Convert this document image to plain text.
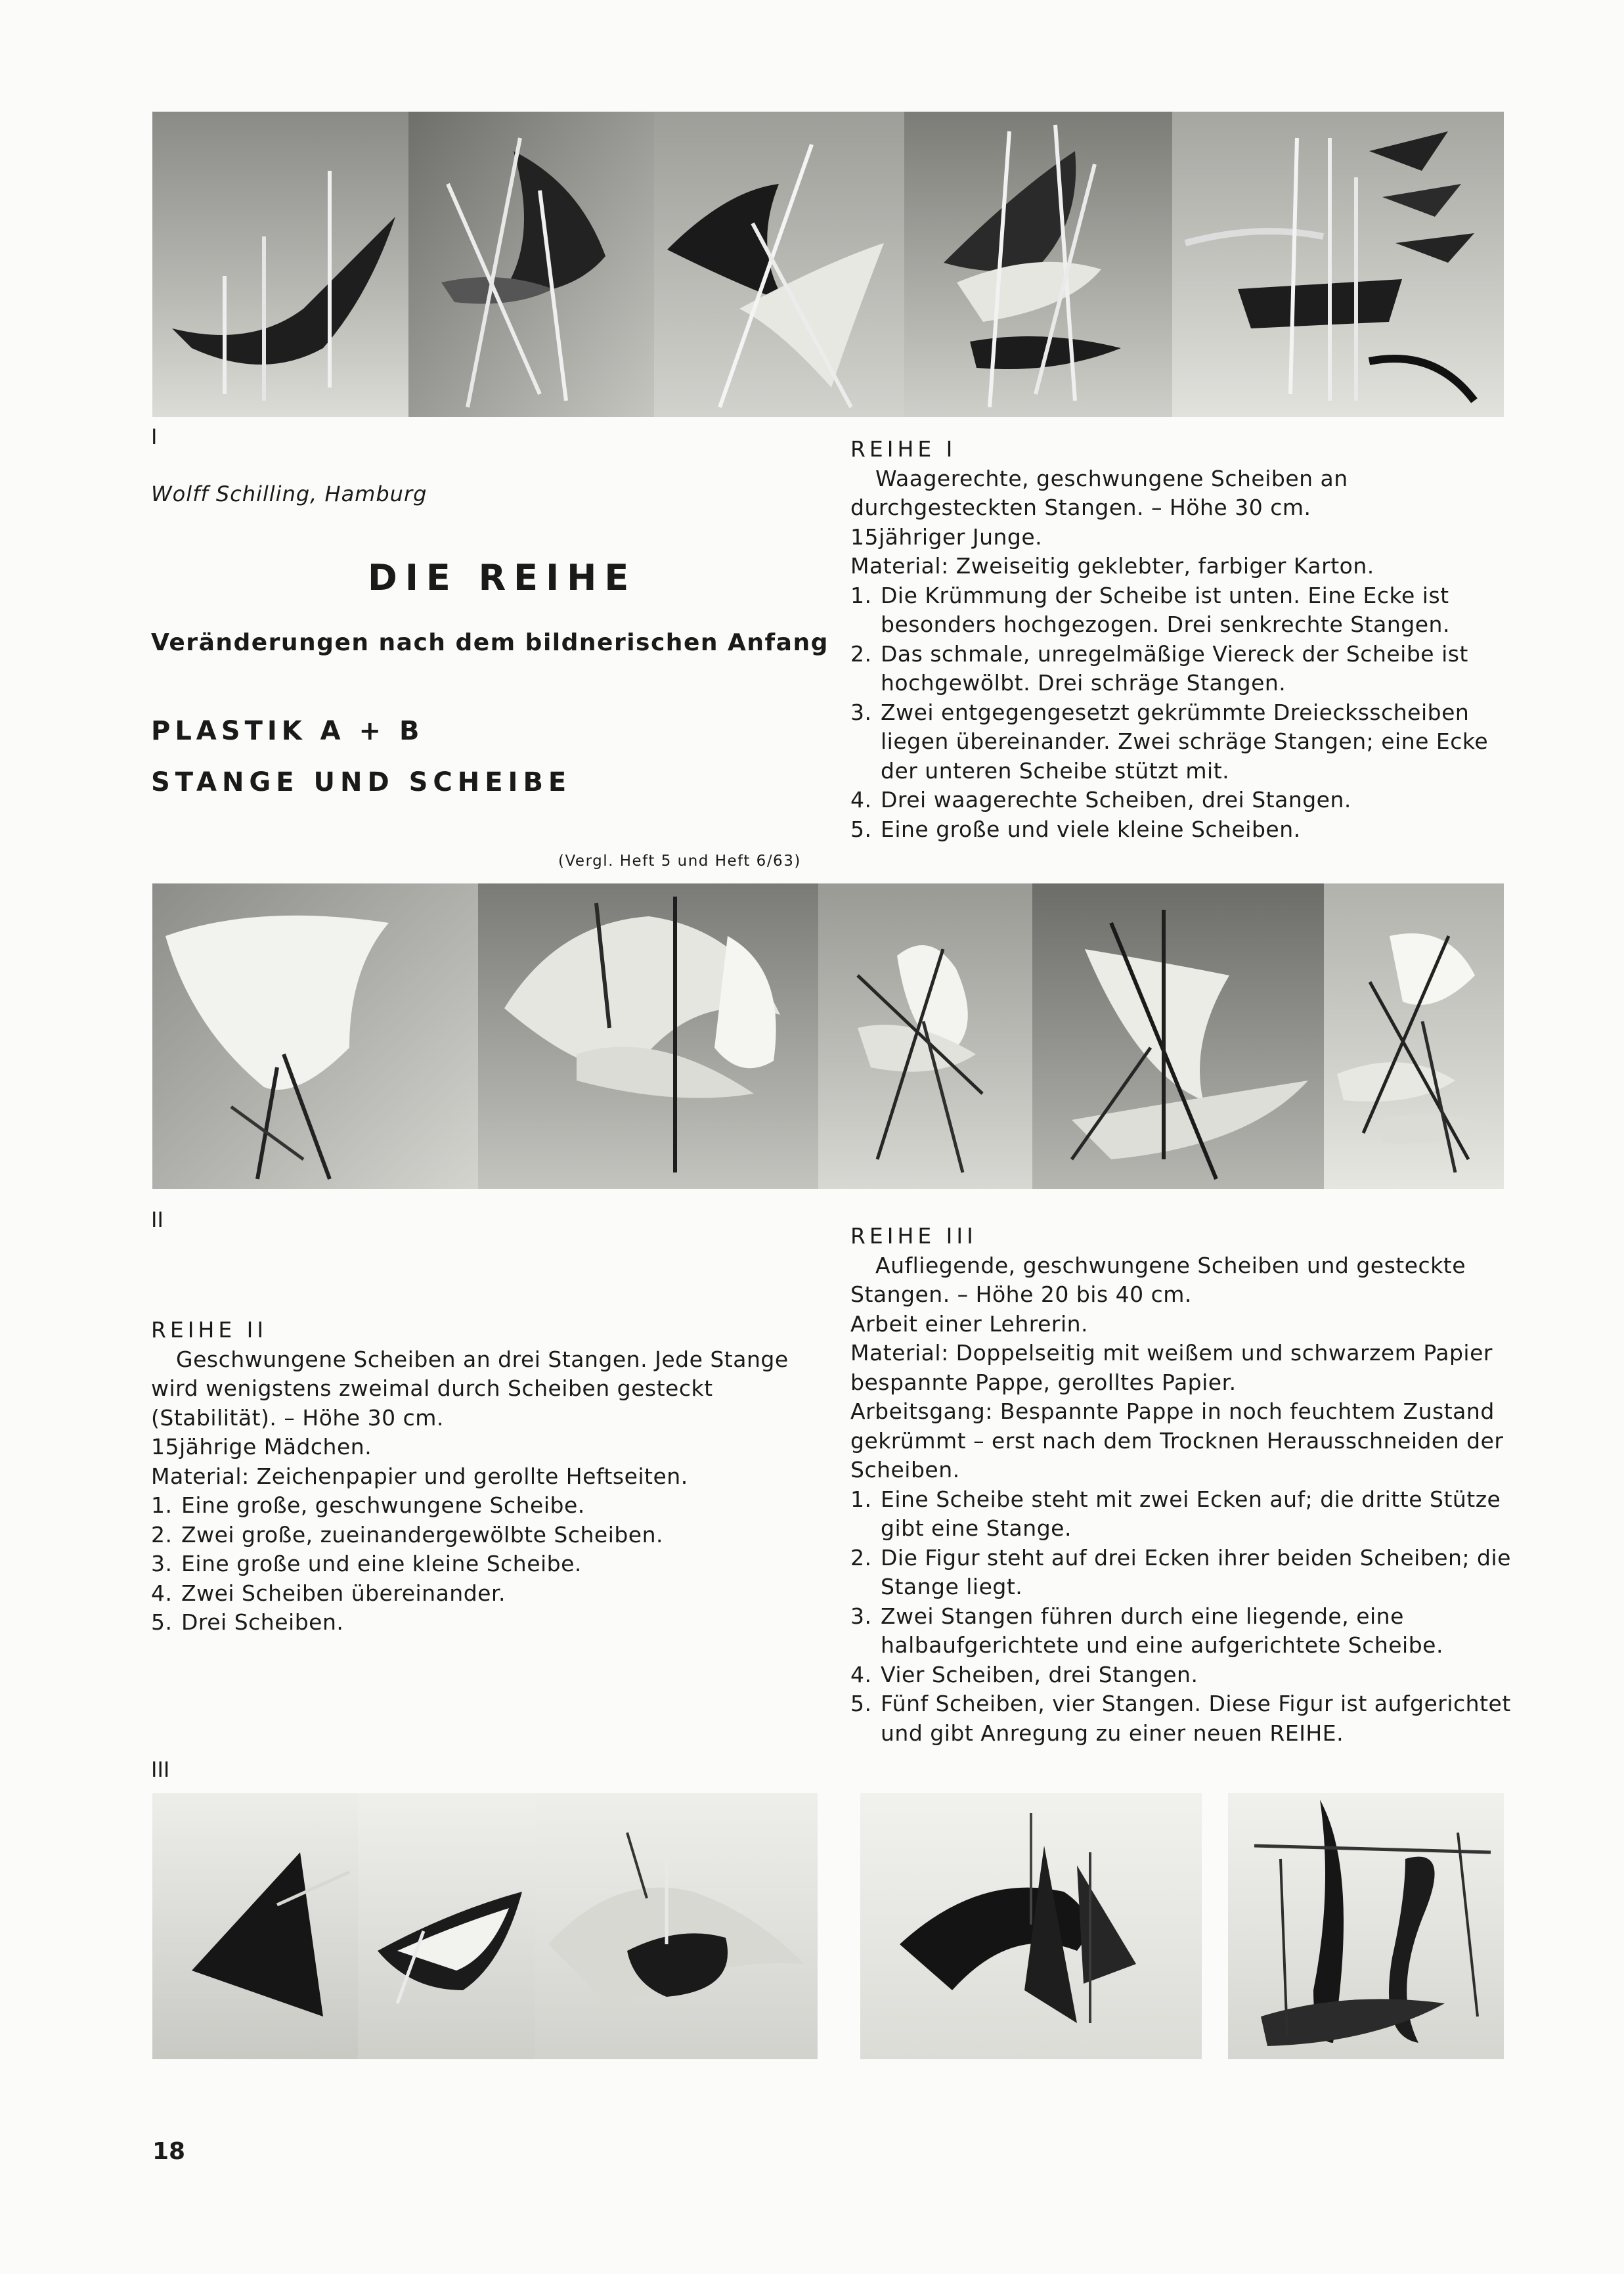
I
Wolff Schilling, Hamburg
DIE REIHE
Veränderungen nach dem bildnerischen Anfang
PLASTIK A + B
STANGE UND SCHEIBE
(Vergl. Heft 5 und Heft 6/63)
REIHE I
Waagerechte, geschwungene Scheiben an durchgesteckten Stangen. – Höhe 30 cm.
15jähriger Junge.
Material: Zweiseitig geklebter, farbiger Karton.
1. Die Krümmung der Scheibe ist unten. Eine Ecke ist besonders hochgezogen. Drei senkrechte Stangen.
2. Das schmale, unregelmäßige Viereck der Scheibe ist hochgewölbt. Drei schräge Stangen.
3. Zwei entgegengesetzt gekrümmte Dreiecksscheiben liegen übereinander. Zwei schräge Stangen; eine Ecke der unteren Scheibe stützt mit.
4. Drei waagerechte Scheiben, drei Stangen.
5. Eine große und viele kleine Scheiben.
II
REIHE II
Geschwungene Scheiben an drei Stangen. Jede Stange wird wenigstens zweimal durch Scheiben gesteckt (Stabilität). – Höhe 30 cm.
15jährige Mädchen.
Material: Zeichenpapier und gerollte Heftseiten.
1. Eine große, geschwungene Scheibe.
2. Zwei große, zueinandergewölbte Scheiben.
3. Eine große und eine kleine Scheibe.
4. Zwei Scheiben übereinander.
5. Drei Scheiben.
REIHE III
Aufliegende, geschwungene Scheiben und gesteckte Stangen. – Höhe 20 bis 40 cm.
Arbeit einer Lehrerin.
Material: Doppelseitig mit weißem und schwarzem Papier bespannte Pappe, gerolltes Papier.
Arbeitsgang: Bespannte Pappe in noch feuchtem Zustand gekrümmt – erst nach dem Trocknen Herausschneiden der Scheiben.
1. Eine Scheibe steht mit zwei Ecken auf; die dritte Stütze gibt eine Stange.
2. Die Figur steht auf drei Ecken ihrer beiden Scheiben; die Stange liegt.
3. Zwei Stangen führen durch eine liegende, eine halbaufgerichtete und eine aufgerichtete Scheibe.
4. Vier Scheiben, drei Stangen.
5. Fünf Scheiben, vier Stangen. Diese Figur ist aufgerichtet und gibt Anregung zu einer neuen REIHE.
III
18
